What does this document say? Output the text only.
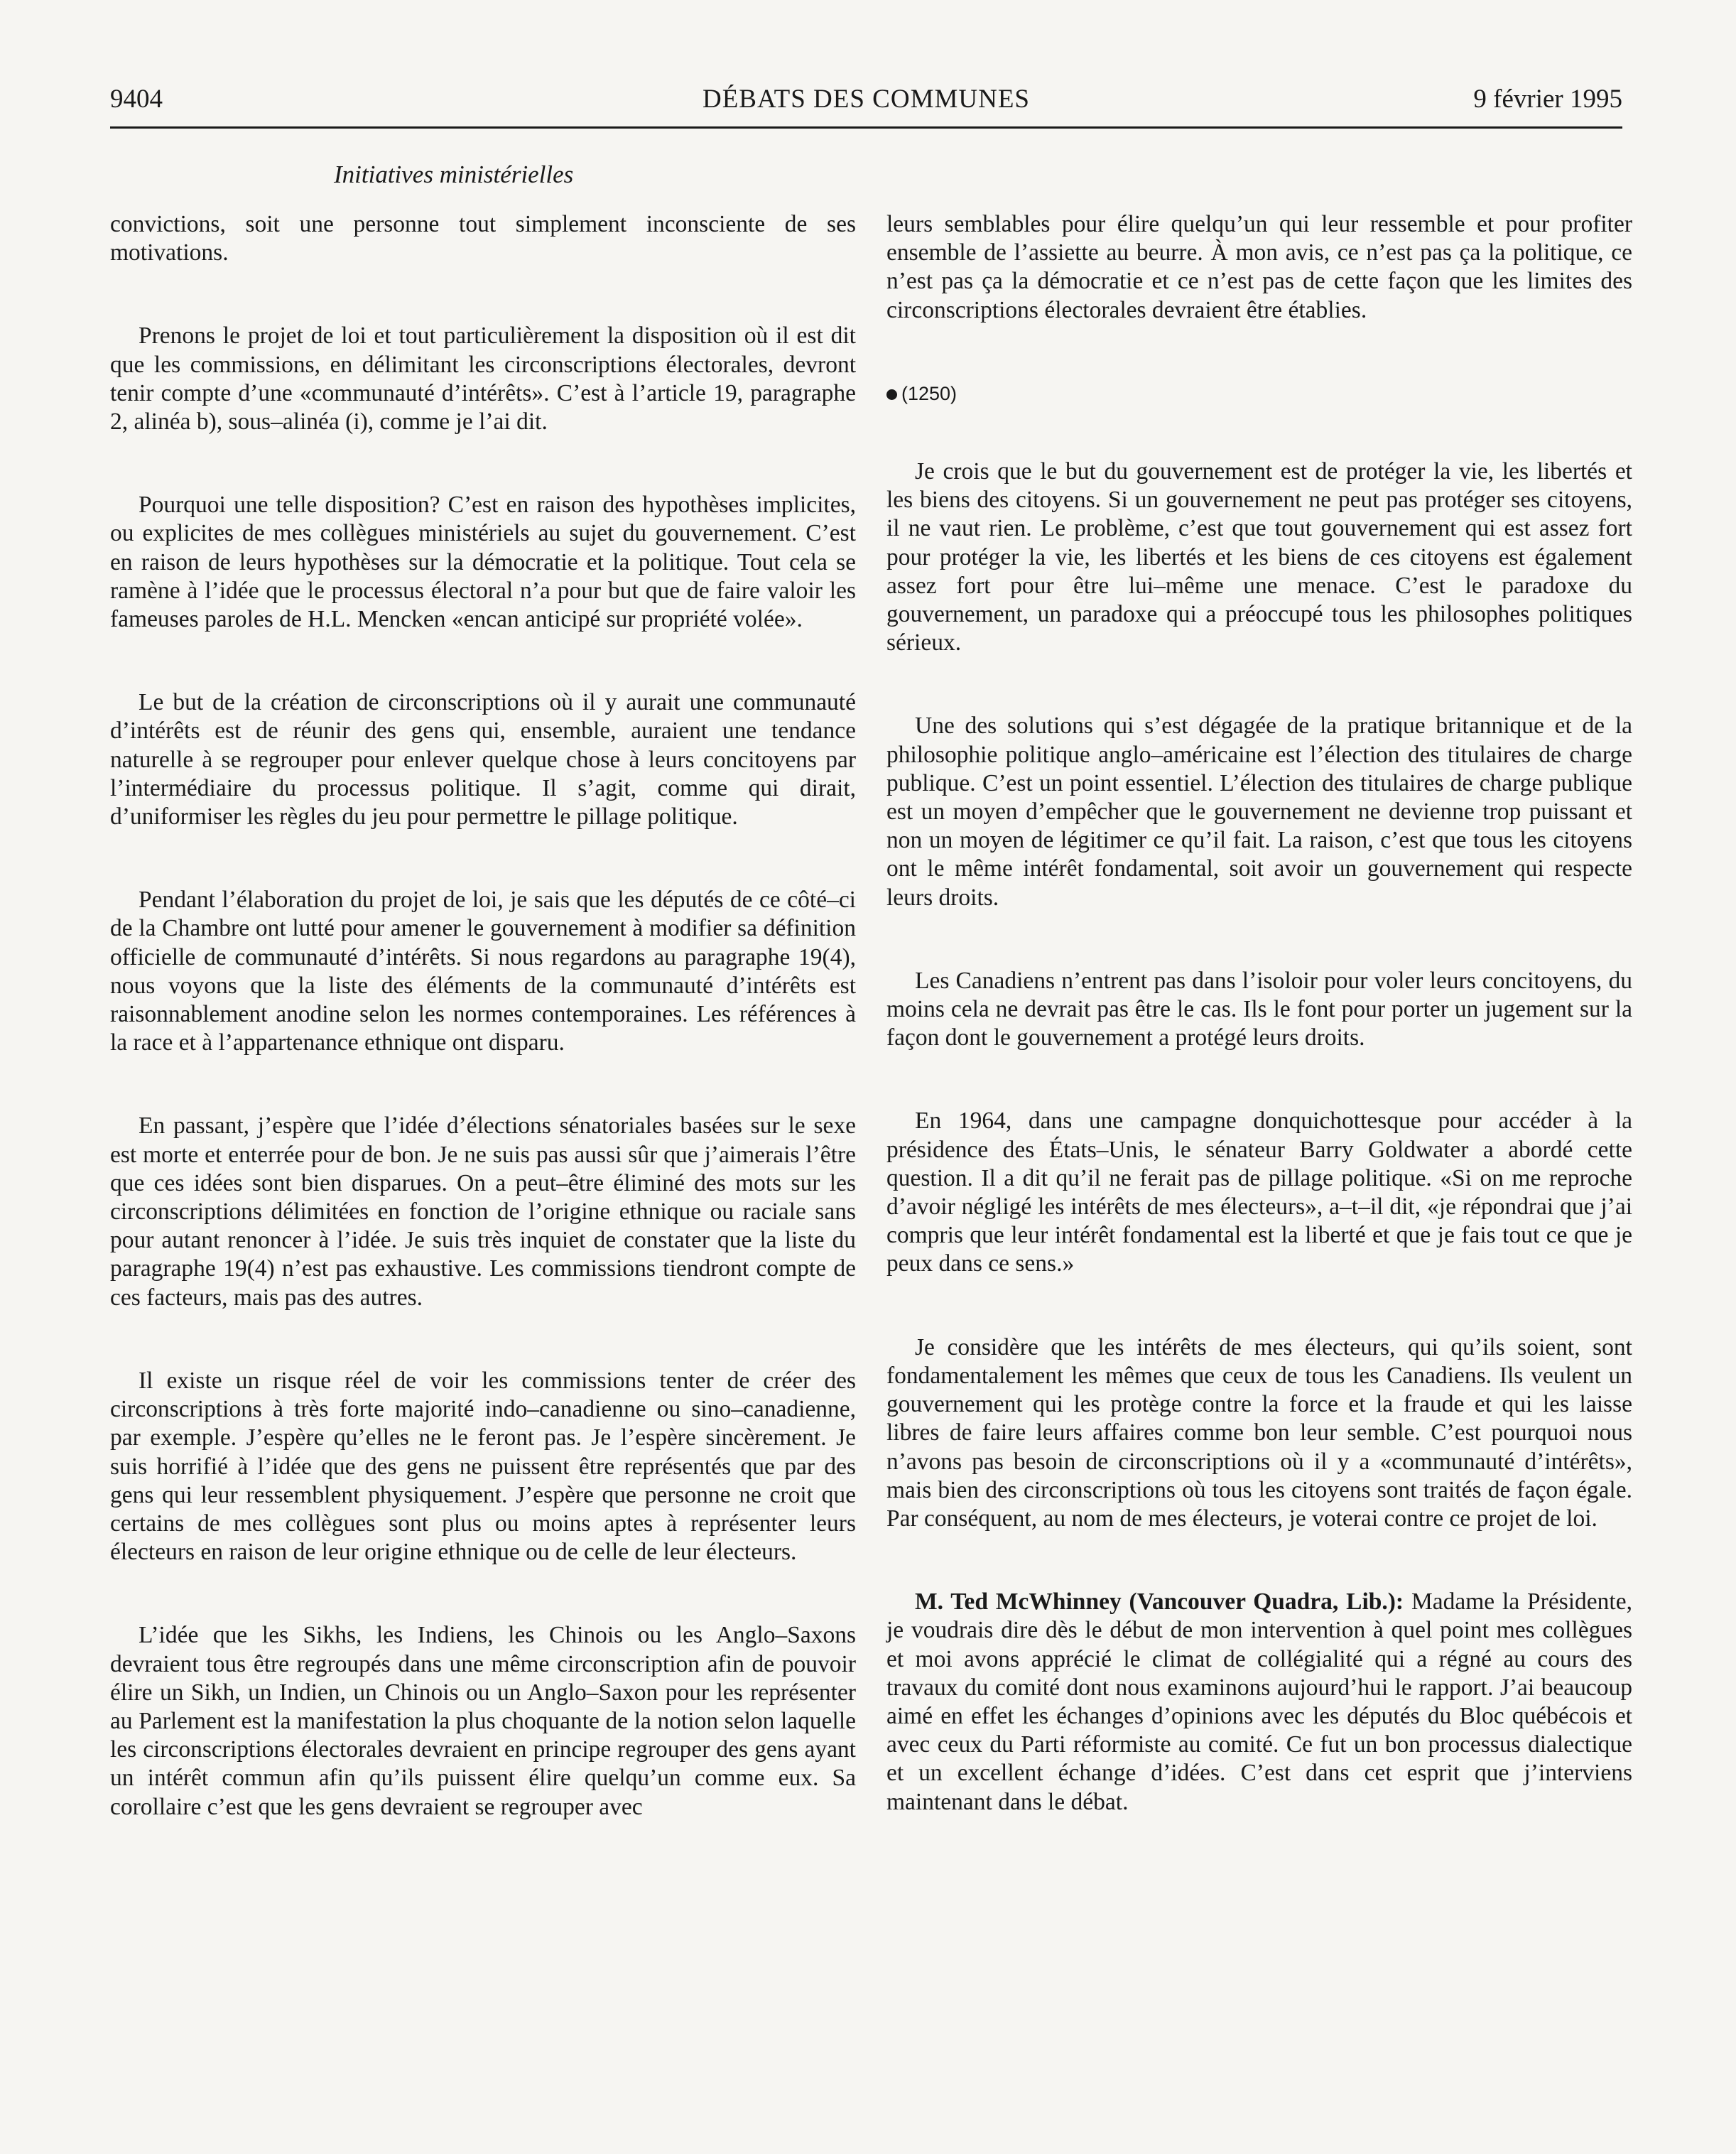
9404	DÉBATS DES COMMUNES	9 février 1995
Initiatives ministérielles

convictions, soit une personne tout simplement inconsciente de ses motivations.

Prenons le projet de loi et tout particulièrement la disposition où il est dit que les commissions, en délimitant les circonscriptions électorales, devront tenir compte d’une «communauté d’intérêts». C’est à l’article 19, paragraphe 2, alinéa b), sous–alinéa (i), comme je l’ai dit.

Pourquoi une telle disposition? C’est en raison des hypothèses implicites, ou explicites de mes collègues ministériels au sujet du gouvernement. C’est en raison de leurs hypothèses sur la démocratie et la politique. Tout cela se ramène à l’idée que le processus électoral n’a pour but que de faire valoir les fameuses paroles de H.L. Mencken «encan anticipé sur propriété volée».

Le but de la création de circonscriptions où il y aurait une communauté d’intérêts est de réunir des gens qui, ensemble, auraient une tendance naturelle à se regrouper pour enlever quelque chose à leurs concitoyens par l’intermédiaire du processus politique. Il s’agit, comme qui dirait, d’uniformiser les règles du jeu pour permettre le pillage politique.

Pendant l’élaboration du projet de loi, je sais que les députés de ce côté–ci de la Chambre ont lutté pour amener le gouvernement à modifier sa définition officielle de communauté d’intérêts. Si nous regardons au paragraphe 19(4), nous voyons que la liste des éléments de la communauté d’intérêts est raisonnablement anodine selon les normes contemporaines. Les références à la race et à l’appartenance ethnique ont disparu.

En passant, j’espère que l’idée d’élections sénatoriales basées sur le sexe est morte et enterrée pour de bon. Je ne suis pas aussi sûr que j’aimerais l’être que ces idées sont bien disparues. On a peut–être éliminé des mots sur les circonscriptions délimitées en fonction de l’origine ethnique ou raciale sans pour autant renoncer à l’idée. Je suis très inquiet de constater que la liste du paragraphe 19(4) n’est pas exhaustive. Les commissions tiendront compte de ces facteurs, mais pas des autres.

Il existe un risque réel de voir les commissions tenter de créer des circonscriptions à très forte majorité indo–canadienne ou sino–canadienne, par exemple. J’espère qu’elles ne le feront pas. Je l’espère sincèrement. Je suis horrifié à l’idée que des gens ne puissent être représentés que par des gens qui leur ressemblent physiquement. J’espère que personne ne croit que certains de mes collègues sont plus ou moins aptes à représenter leurs électeurs en raison de leur origine ethnique ou de celle de leur électeurs.

L’idée que les Sikhs, les Indiens, les Chinois ou les Anglo–Saxons devraient tous être regroupés dans une même circonscription afin de pouvoir élire un Sikh, un Indien, un Chinois ou un Anglo–Saxon pour les représenter au Parlement est la manifestation la plus choquante de la notion selon laquelle les circonscriptions électorales devraient en principe regrouper des gens ayant un intérêt commun afin qu’ils puissent élire quelqu’un comme eux. Sa corollaire c’est que les gens devraient se regrouper avec

leurs semblables pour élire quelqu’un qui leur ressemble et pour profiter ensemble de l’assiette au beurre. À mon avis, ce n’est pas ça la politique, ce n’est pas ça la démocratie et ce n’est pas de cette façon que les limites des circonscriptions électorales devraient être établies.

(1250)

Je crois que le but du gouvernement est de protéger la vie, les libertés et les biens des citoyens. Si un gouvernement ne peut pas protéger ses citoyens, il ne vaut rien. Le problème, c’est que tout gouvernement qui est assez fort pour protéger la vie, les libertés et les biens de ces citoyens est également assez fort pour être lui–même une menace. C’est le paradoxe du gouvernement, un paradoxe qui a préoccupé tous les philosophes politiques sérieux.

Une des solutions qui s’est dégagée de la pratique britannique et de la philosophie politique anglo–américaine est l’élection des titulaires de charge publique. C’est un point essentiel. L’élection des titulaires de charge publique est un moyen d’empêcher que le gouvernement ne devienne trop puissant et non un moyen de légitimer ce qu’il fait. La raison, c’est que tous les citoyens ont le même intérêt fondamental, soit avoir un gouvernement qui respecte leurs droits.

Les Canadiens n’entrent pas dans l’isoloir pour voler leurs concitoyens, du moins cela ne devrait pas être le cas. Ils le font pour porter un jugement sur la façon dont le gouvernement a protégé leurs droits.

En 1964, dans une campagne donquichottesque pour accéder à la présidence des États–Unis, le sénateur Barry Goldwater a abordé cette question. Il a dit qu’il ne ferait pas de pillage politique. «Si on me reproche d’avoir négligé les intérêts de mes électeurs», a–t–il dit, «je répondrai que j’ai compris que leur intérêt fondamental est la liberté et que je fais tout ce que je peux dans ce sens.»

Je considère que les intérêts de mes électeurs, qui qu’ils soient, sont fondamentalement les mêmes que ceux de tous les Canadiens. Ils veulent un gouvernement qui les protège contre la force et la fraude et qui les laisse libres de faire leurs affaires comme bon leur semble. C’est pourquoi nous n’avons pas besoin de circonscriptions où il y a «communauté d’intérêts», mais bien des circonscriptions où tous les citoyens sont traités de façon égale. Par conséquent, au nom de mes électeurs, je voterai contre ce projet de loi.

M. Ted McWhinney (Vancouver Quadra, Lib.): Madame la Présidente, je voudrais dire dès le début de mon intervention à quel point mes collègues et moi avons apprécié le climat de collégialité qui a régné au cours des travaux du comité dont nous examinons aujourd’hui le rapport. J’ai beaucoup aimé en effet les échanges d’opinions avec les députés du Bloc québécois et avec ceux du Parti réformiste au comité. Ce fut un bon processus dialectique et un excellent échange d’idées. C’est dans cet esprit que j’interviens maintenant dans le débat.
